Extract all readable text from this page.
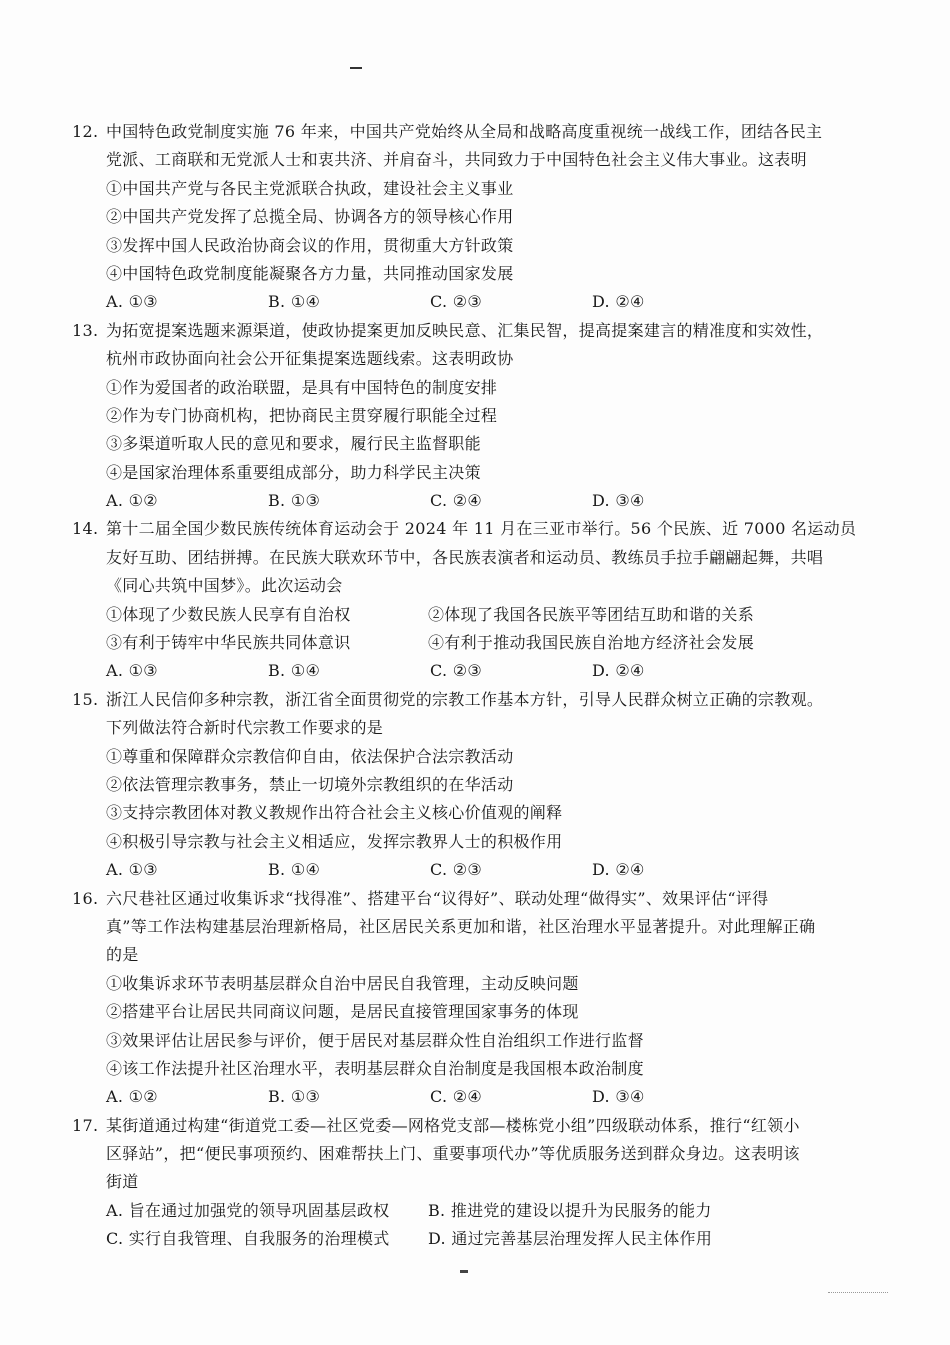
12. 中国特色政党制度实施 76 年来，中国共产党始终从全局和战略高度重视统一战线工作，团结各民主
党派、工商联和无党派人士和衷共济、并肩奋斗，共同致力于中国特色社会主义伟大事业。这表明
①中国共产党与各民主党派联合执政，建设社会主义事业
②中国共产党发挥了总揽全局、协调各方的领导核心作用
③发挥中国人民政治协商会议的作用，贯彻重大方针政策
④中国特色政党制度能凝聚各方力量，共同推动国家发展
A. ①③	B. ①④	C. ②③	D. ②④
13. 为拓宽提案选题来源渠道，使政协提案更加反映民意、汇集民智，提高提案建言的精准度和实效性，
杭州市政协面向社会公开征集提案选题线索。这表明政协
①作为爱国者的政治联盟，是具有中国特色的制度安排
②作为专门协商机构，把协商民主贯穿履行职能全过程
③多渠道听取人民的意见和要求，履行民主监督职能
④是国家治理体系重要组成部分，助力科学民主决策
A. ①②	B. ①③	C. ②④	D. ③④
14. 第十二届全国少数民族传统体育运动会于 2024 年 11 月在三亚市举行。56 个民族、近 7000 名运动员
友好互助、团结拼搏。在民族大联欢环节中，各民族表演者和运动员、教练员手拉手翩翩起舞，共唱
《同心共筑中国梦》。此次运动会
①体现了少数民族人民享有自治权	②体现了我国各民族平等团结互助和谐的关系
③有利于铸牢中华民族共同体意识	④有利于推动我国民族自治地方经济社会发展
A. ①③	B. ①④	C. ②③	D. ②④
15. 浙江人民信仰多种宗教，浙江省全面贯彻党的宗教工作基本方针，引导人民群众树立正确的宗教观。
下列做法符合新时代宗教工作要求的是
①尊重和保障群众宗教信仰自由，依法保护合法宗教活动
②依法管理宗教事务，禁止一切境外宗教组织的在华活动
③支持宗教团体对教义教规作出符合社会主义核心价值观的阐释
④积极引导宗教与社会主义相适应，发挥宗教界人士的积极作用
A. ①③	B. ①④	C. ②③	D. ②④
16. 六尺巷社区通过收集诉求“找得准”、搭建平台“议得好”、联动处理“做得实”、效果评估“评得
真”等工作法构建基层治理新格局，社区居民关系更加和谐，社区治理水平显著提升。对此理解正确
的是
①收集诉求环节表明基层群众自治中居民自我管理，主动反映问题
②搭建平台让居民共同商议问题，是居民直接管理国家事务的体现
③效果评估让居民参与评价，便于居民对基层群众性自治组织工作进行监督
④该工作法提升社区治理水平，表明基层群众自治制度是我国根本政治制度
A. ①②	B. ①③	C. ②④	D. ③④
17. 某街道通过构建“街道党工委—社区党委—网格党支部—楼栋党小组”四级联动体系，推行“红领小
区驿站”，把“便民事项预约、困难帮扶上门、重要事项代办”等优质服务送到群众身边。这表明该
街道
A. 旨在通过加强党的领导巩固基层政权	B. 推进党的建设以提升为民服务的能力
C. 实行自我管理、自我服务的治理模式	D. 通过完善基层治理发挥人民主体作用
